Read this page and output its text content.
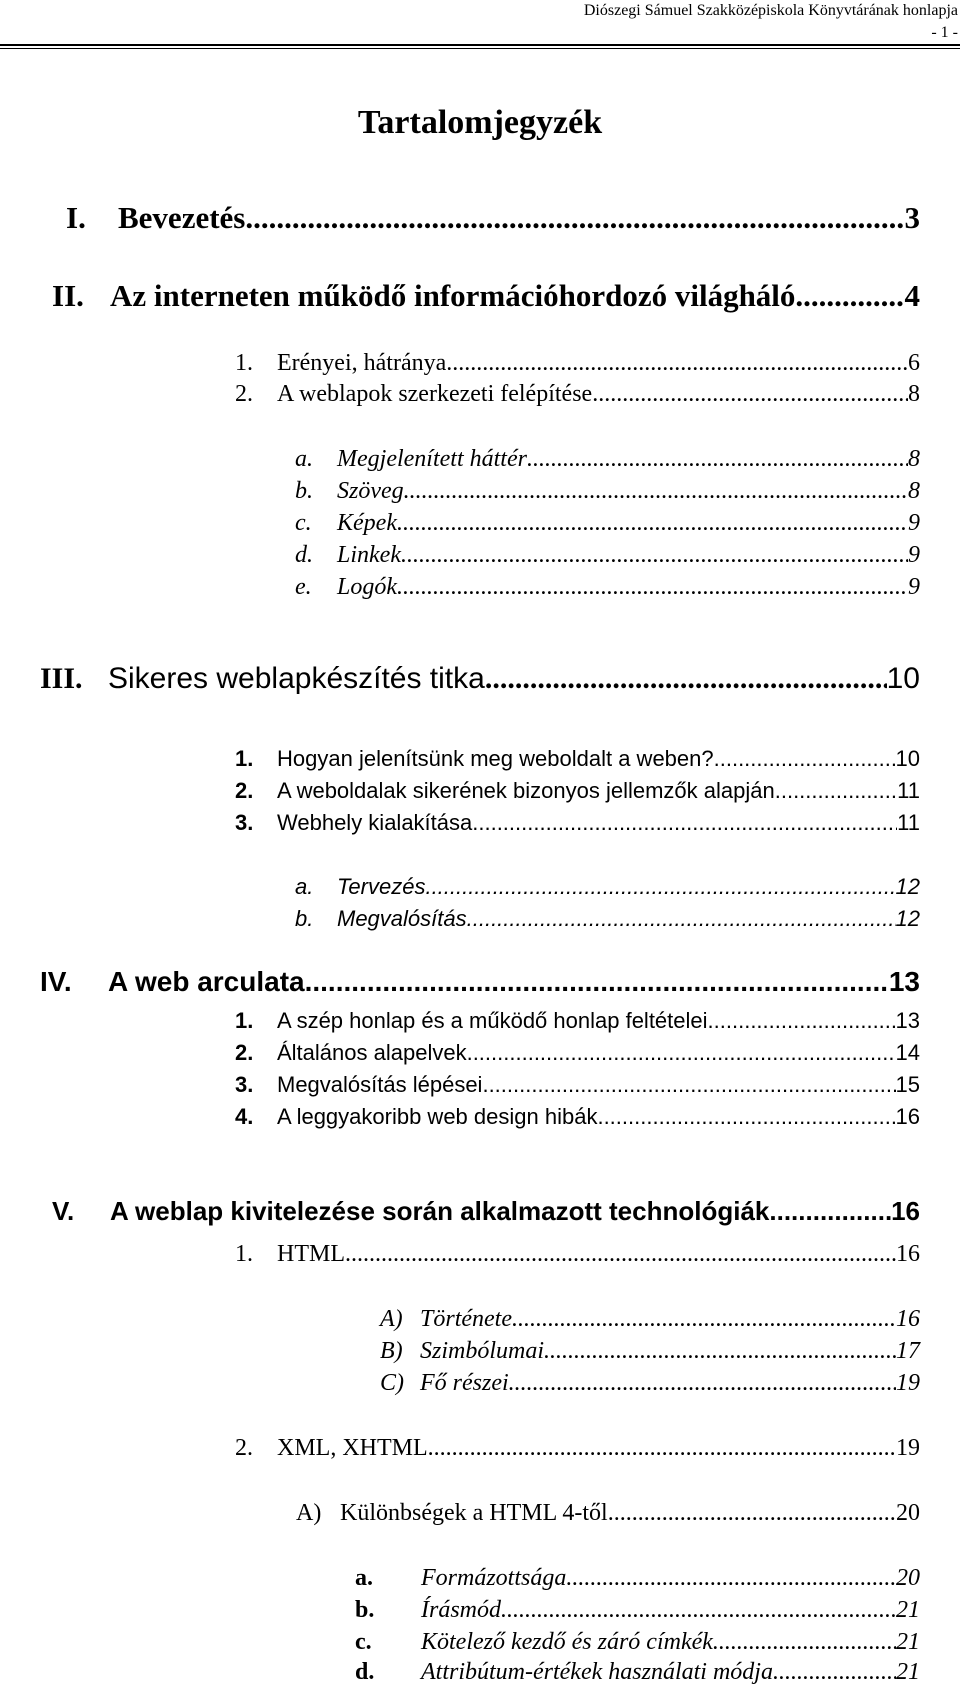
Diószegi Sámuel Szakközépiskola Könyvtárának honlapja
- 1 -
Tartalomjegyzék
I.	Bevezetés .....	3
II. Az interneten működő információhordozó világháló .....	4
1.	Erényei, hátránya .....	6
2.	A weblapok szerkezeti felépítése .....	8
a.	Megjelenített háttér .....	8
b.	Szöveg .....	8
c.	Képek .....	9
d.	Linkek .....	9
e.	Logók .....	9
III. Sikeres weblapkészítés titka .....	10
1.	Hogyan jelenítsünk meg weboldalt a weben? .....	10
2.	A weboldalak sikerének bizonyos jellemzők alapján .....	11
3.	Webhely kialakítása .....	11
a.	Tervezés .....	12
b.	Megvalósítás .....	12
IV.	A web arculata .....	13
1.	A szép honlap és a működő honlap feltételei .....	13
2.	Általános alapelvek .....	14
3.	Megvalósítás lépései .....	15
4.	A leggyakoribb web design hibák .....	16
V.	A weblap kivitelezése során alkalmazott technológiák .....	16
1.	HTML .....	16
A) Története .....	16
B) Szimbólumai .....	17
C) Fő részei .....	19
2.	XML, XHTML .....	19
A) Különbségek a HTML 4-től .....	20
a.	Formázottsága .....	20
b.	Írásmód .....	21
c.	Kötelező kezdő és záró címkék .....	21
d.	Attribútum-értékek használati módja .....	21
